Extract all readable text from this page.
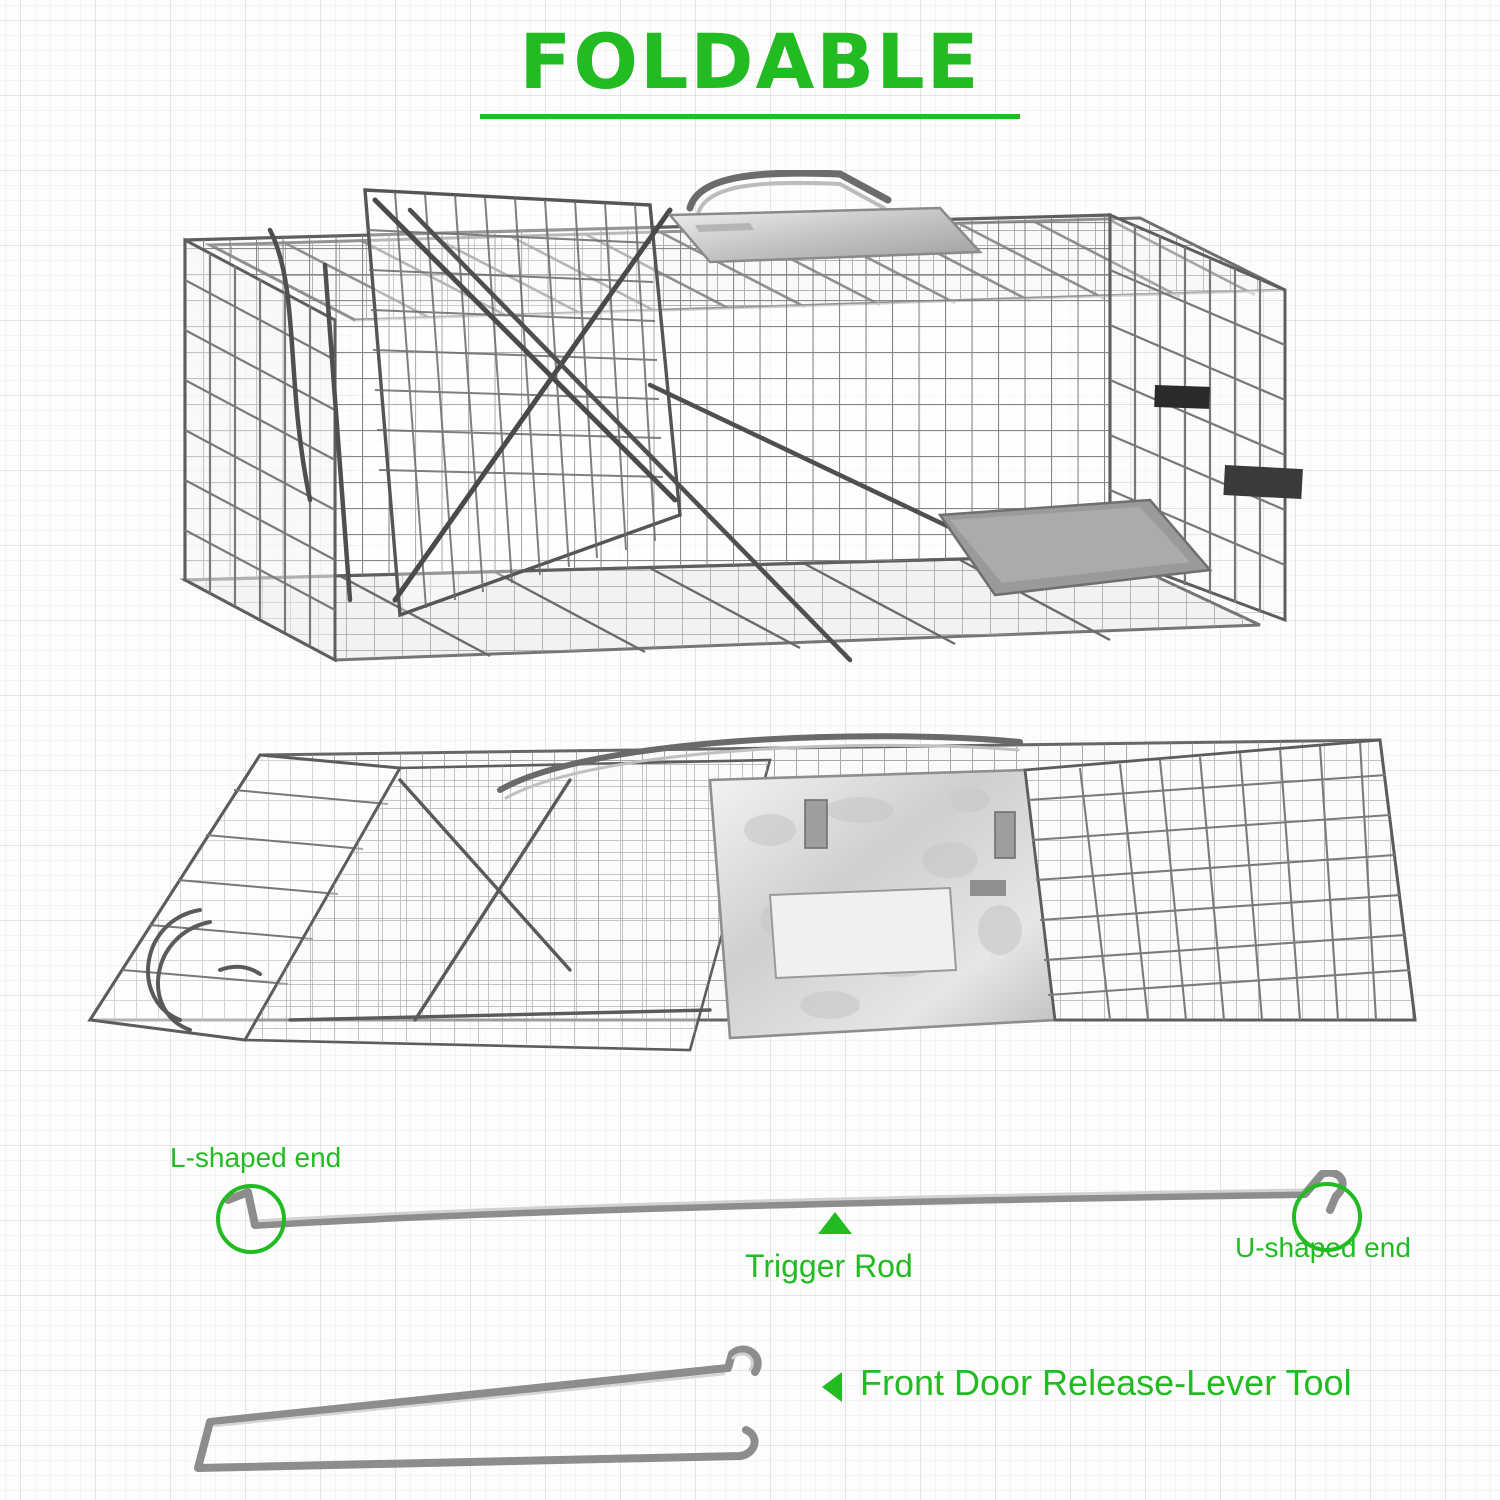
FOLDABLE
L-shaped end
U-shaped end
Trigger Rod
Front Door Release-Lever Tool
